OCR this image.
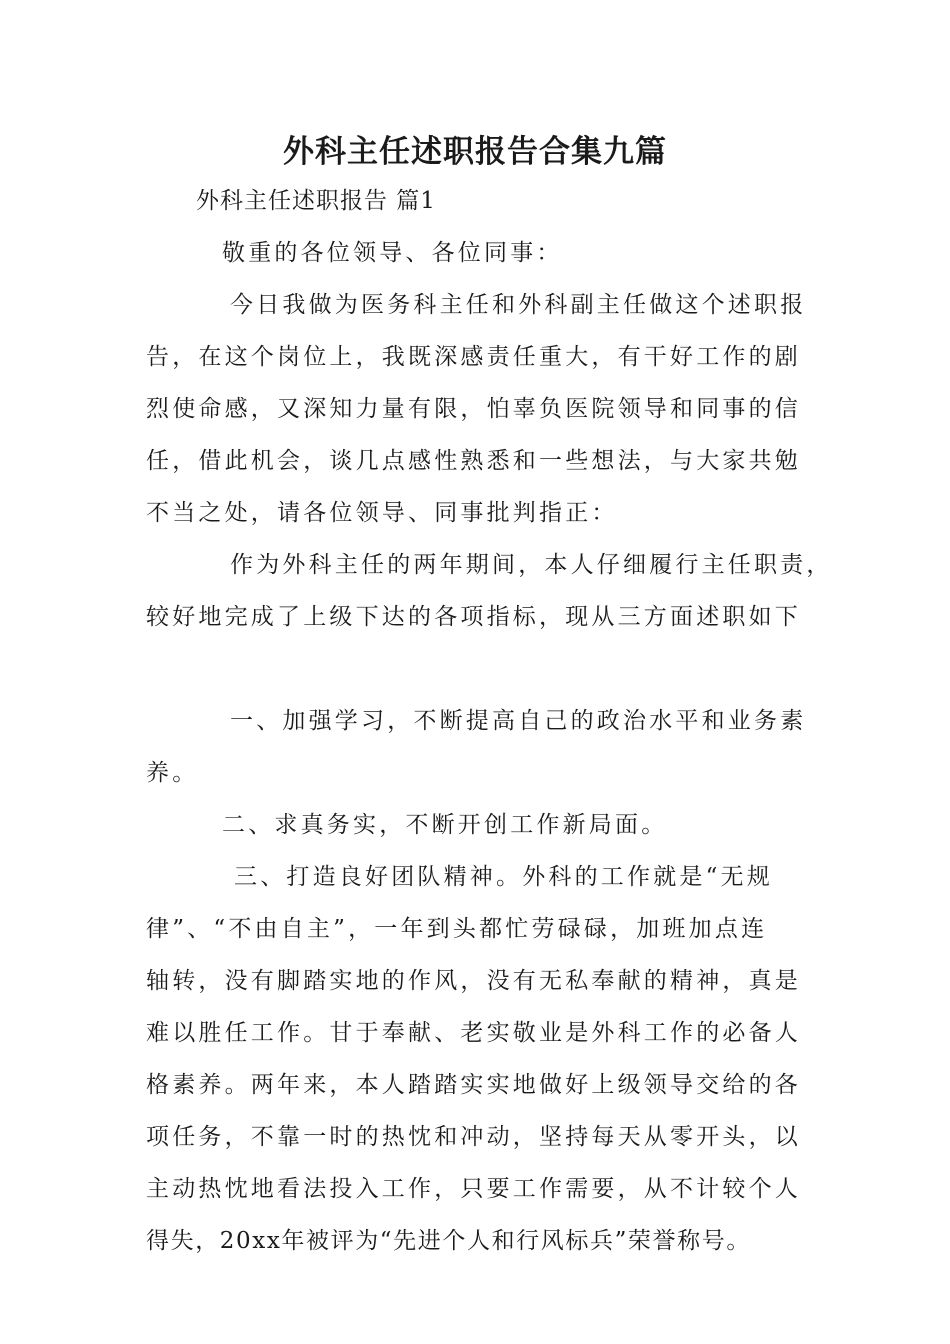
外科主任述职报告合集九篇
外科主任述职报告 篇1
敬重的各位领导、各位同事：
今日我做为医务科主任和外科副主任做这个述职报
告，在这个岗位上，我既深感责任重大，有干好工作的剧
烈使命感，又深知力量有限，怕辜负医院领导和同事的信
任，借此机会，谈几点感性熟悉和一些想法，与大家共勉
不当之处，请各位领导、同事批判指正：
作为外科主任的两年期间，本人仔细履行主任职责，
较好地完成了上级下达的各项指标，现从三方面述职如下
一、加强学习，不断提高自己的政治水平和业务素
养。
二、求真务实，不断开创工作新局面。
三、打造良好团队精神。外科的工作就是“无规
律”、“不由自主”，一年到头都忙劳碌碌，加班加点连
轴转，没有脚踏实地的作风，没有无私奉献的精神，真是
难以胜任工作。甘于奉献、老实敬业是外科工作的必备人
格素养。两年来，本人踏踏实实地做好上级领导交给的各
项任务，不靠一时的热忱和冲动，坚持每天从零开头，以
主动热忱地看法投入工作，只要工作需要，从不计较个人
得失，20xx年被评为“先进个人和行风标兵”荣誉称号。
